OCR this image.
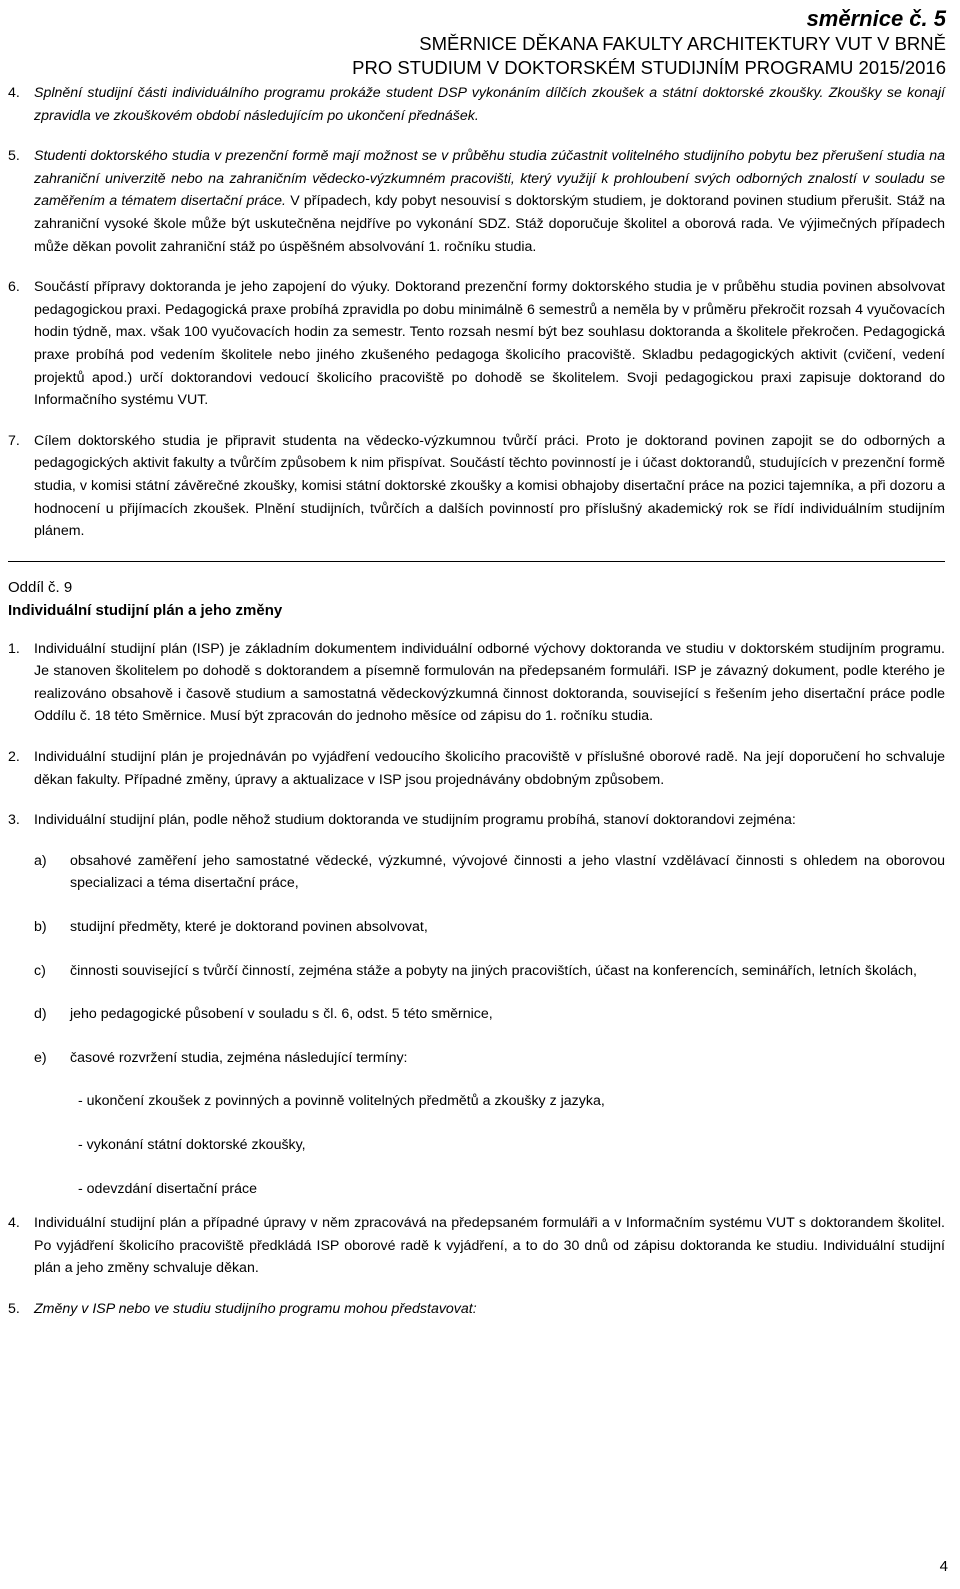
směrnice č. 5
SMĚRNICE DĚKANA FAKULTY ARCHITEKTURY VUT V BRNĚ
PRO STUDIUM V DOKTORSKÉM STUDIJNÍM PROGRAMU 2015/2016
4. Splnění studijní části individuálního programu prokáže student DSP vykonáním dílčích zkoušek a státní doktorské zkoušky. Zkoušky se konají zpravidla ve zkouškovém období následujícím po ukončení přednášek.
5. Studenti doktorského studia v prezenční formě mají možnost se v průběhu studia zúčastnit volitelného studijního pobytu bez přerušení studia na zahraniční univerzitě nebo na zahraničním vědecko-výzkumném pracovišti, který využijí k prohloubení svých odborných znalostí v souladu se zaměřením a tématem disertační práce. V případech, kdy pobyt nesouvisí s doktorským studiem, je doktorand povinen studium přerušit. Stáž na zahraniční vysoké škole může být uskutečněna nejdříve po vykonání SDZ. Stáž doporučuje školitel a oborová rada. Ve výjimečných případech může děkan povolit zahraniční stáž po úspěšném absolvování 1. ročníku studia.
6. Součástí přípravy doktoranda je jeho zapojení do výuky. Doktorand prezenční formy doktorského studia je v průběhu studia povinen absolvovat pedagogickou praxi. Pedagogická praxe probíhá zpravidla po dobu minimálně 6 semestrů a neměla by v průměru překročit rozsah 4 vyučovacích hodin týdně, max. však 100 vyučovacích hodin za semestr. Tento rozsah nesmí být bez souhlasu doktoranda a školitele překročen. Pedagogická praxe probíhá pod vedením školitele nebo jiného zkušeného pedagoga školicího pracoviště. Skladbu pedagogických aktivit (cvičení, vedení projektů apod.) určí doktorandovi vedoucí školicího pracoviště po dohodě se školitelem. Svoji pedagogickou praxi zapisuje doktorand do Informačního systému VUT.
7. Cílem doktorského studia je připravit studenta na vědecko-výzkumnou tvůrčí práci. Proto je doktorand povinen zapojit se do odborných a pedagogických aktivit fakulty a tvůrčím způsobem k nim přispívat. Součástí těchto povinností je i účast doktorandů, studujících v prezenční formě studia, v komisi státní závěrečné zkoušky, komisi státní doktorské zkoušky a komisi obhajoby disertační práce na pozici tajemníka, a při dozoru a hodnocení u přijímacích zkoušek. Plnění studijních, tvůrčích a dalších povinností pro příslušný akademický rok se řídí individuálním studijním plánem.
Oddíl č. 9
Individuální studijní plán a jeho změny
1. Individuální studijní plán (ISP) je základním dokumentem individuální odborné výchovy doktoranda ve studiu v doktorském studijním programu. Je stanoven školitelem po dohodě s doktorandem a písemně formulován na předepsaném formuláři. ISP je závazný dokument, podle kterého je realizováno obsahově i časově studium a samostatná vědeckovýzkumná činnost doktoranda, související s řešením jeho disertační práce podle Oddílu č. 18 této Směrnice. Musí být zpracován do jednoho měsíce od zápisu do 1. ročníku studia.
2. Individuální studijní plán je projednáván po vyjádření vedoucího školicího pracoviště v příslušné oborové radě. Na její doporučení ho schvaluje děkan fakulty. Případné změny, úpravy a aktualizace v ISP jsou projednávány obdobným způsobem.
3. Individuální studijní plán, podle něhož studium doktoranda ve studijním programu probíhá, stanoví doktorandovi zejména:
a) obsahové zaměření jeho samostatné vědecké, výzkumné, vývojové činnosti a jeho vlastní vzdělávací činnosti s ohledem na oborovou specializaci a téma disertační práce,
b) studijní předměty, které je doktorand povinen absolvovat,
c) činnosti související s tvůrčí činností, zejména stáže a pobyty na jiných pracovištích, účast na konferencích, seminářích, letních školách,
d) jeho pedagogické působení v souladu s čl. 6, odst. 5 této směrnice,
e) časové rozvržení studia, zejména následující termíny:
- ukončení zkoušek z povinných a povinně volitelných předmětů a zkoušky z jazyka,
- vykonání státní doktorské zkoušky,
- odevzdání disertační práce
4. Individuální studijní plán a případné úpravy v něm zpracovává na předepsaném formuláři a v Informačním systému VUT s doktorandem školitel. Po vyjádření školicího pracoviště předkládá ISP oborové radě k vyjádření, a to do 30 dnů od zápisu doktoranda ke studiu. Individuální studijní plán a jeho změny schvaluje děkan.
5. Změny v ISP nebo ve studiu studijního programu mohou představovat:
4
